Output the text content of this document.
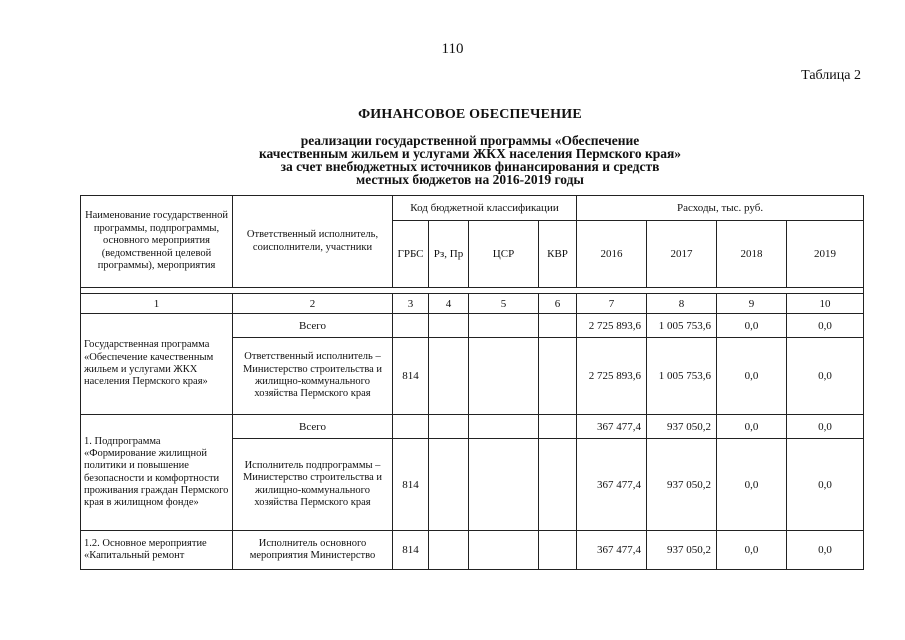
110
Таблица 2
ФИНАНСОВОЕ ОБЕСПЕЧЕНИЕ
реализации государственной программы «Обеспечение
качественным жильем и услугами ЖКХ населения Пермского края»
за счет внебюджетных источников финансирования и средств
местных бюджетов на 2016-2019 годы
Наименование государственной программы, подпрограммы, основного мероприятия (ведомственной целевой программы), мероприятия	Ответственный исполнитель, соисполнители, участники	Код бюджетной классификации				Расходы, тыс. руб.			
		ГРБС	Рз, Пр	ЦСР	КВР	2016	2017	2018	2019

1	2	3	4	5	6	7	8	9	10
Государственная программа «Обеспечение качественным жильем и услугами ЖКХ населения Пермского края»	Всего					2 725 893,6	1 005 753,6	0,0	0,0
	Ответственный исполнитель – Министерство строительства и жилищно-коммунального хозяйства Пермского края	814				2 725 893,6	1 005 753,6	0,0	0,0
1. Подпрограмма «Формирование жилищной политики и повышение безопасности и комфортности проживания граждан Пермского края в жилищном фонде»	Всего					367 477,4	937 050,2	0,0	0,0
	Исполнитель подпрограммы – Министерство строительства и жилищно-коммунального хозяйства Пермского края	814				367 477,4	937 050,2	0,0	0,0
1.2. Основное мероприятие «Капитальный ремонт	Исполнитель основного мероприятия Министерство	814				367 477,4	937 050,2	0,0	0,0
